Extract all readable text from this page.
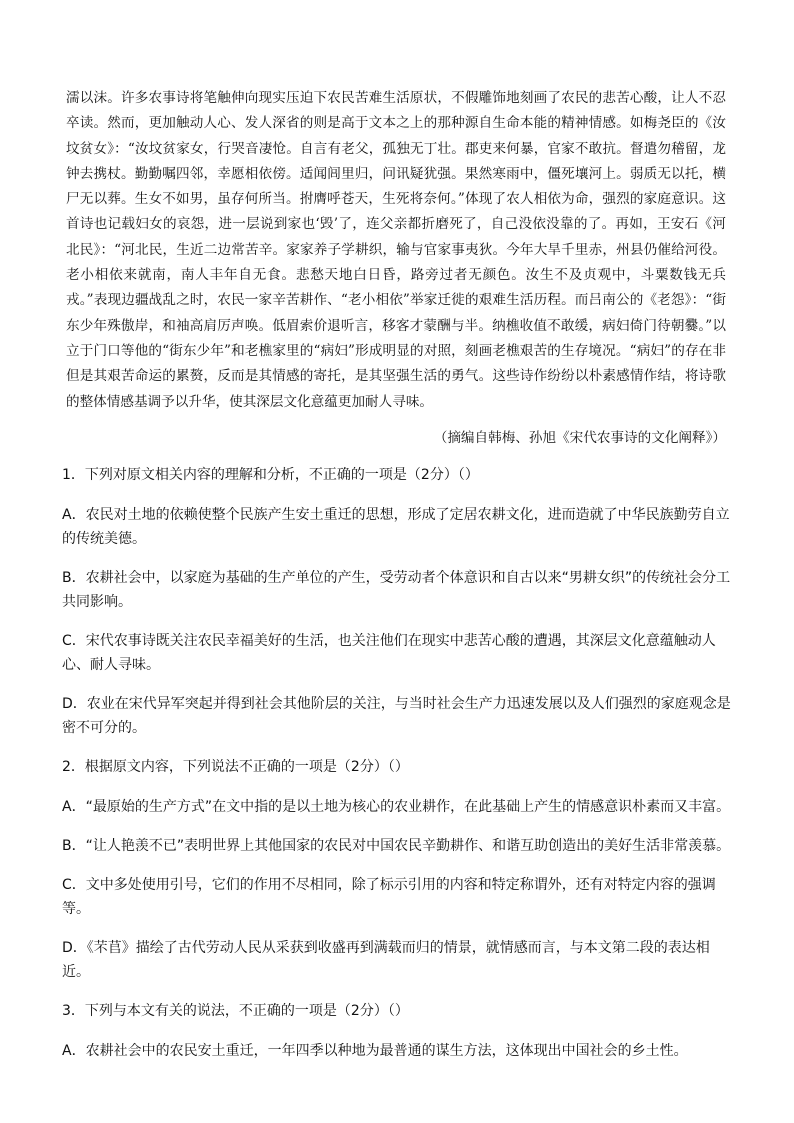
濡以沫。许多农事诗将笔触伸向现实压迫下农民苦难生活原状，不假雕饰地刻画了农民的悲苦心酸，让人不忍卒读。然而，更加触动人心、发人深省的则是高于文本之上的那种源自生命本能的精神情感。如梅尧臣的《汝坟贫女》：“汝坟贫家女，行哭音凄怆。自言有老父，孤独无丁壮。郡吏来何暴，官家不敢抗。督遣勿稽留，龙钟去携杖。勤勤嘱四邻，幸愿相依傍。适闻闾里归，问讯疑犹强。果然寒雨中，僵死壤河上。弱质无以托，横尸无以葬。生女不如男，虽存何所当。拊膺呼苍天，生死将奈何。”体现了农人相依为命，强烈的家庭意识。这首诗也记载妇女的哀怨，进一层说到家也‘毁’了，连父亲都折磨死了，自己没依没靠的了。再如，王安石《河北民》：“河北民，生近二边常苦辛。家家养子学耕织，输与官家事夷狄。今年大旱千里赤，州县仍催给河役。老小相依来就南，南人丰年自无食。悲愁天地白日昏，路旁过者无颜色。汝生不及贞观中，斗粟数钱无兵戎。”表现边疆战乱之时，农民一家辛苦耕作、“老小相依”举家迁徙的艰难生活历程。而吕南公的《老怨》：“街东少年殊傲岸，和袖高肩厉声唤。低眉索价退听言，移客才蒙酬与半。纳樵收值不敢缓，病妇倚门待朝爨。”以立于门口等他的“街东少年”和老樵家里的“病妇”形成明显的对照，刻画老樵艰苦的生存境况。“病妇”的存在非但是其艰苦命运的累赘，反而是其情感的寄托，是其坚强生活的勇气。这些诗作纷纷以朴素感情作结，将诗歌的整体情感基调予以升华，使其深层文化意蕴更加耐人寻味。

（摘编自韩梅、孙旭《宋代农事诗的文化阐释》）
1．下列对原文相关内容的理解和分析，不正确的一项是（2分）（）
A．农民对土地的依赖使整个民族产生安土重迁的思想，形成了定居农耕文化，进而造就了中华民族勤劳自立的传统美德。
B．农耕社会中，以家庭为基础的生产单位的产生，受劳动者个体意识和自古以来“男耕女织”的传统社会分工共同影响。
C．宋代农事诗既关注农民幸福美好的生活，也关注他们在现实中悲苦心酸的遭遇，其深层文化意蕴触动人心、耐人寻味。
D．农业在宋代异军突起并得到社会其他阶层的关注，与当时社会生产力迅速发展以及人们强烈的家庭观念是密不可分的。
2．根据原文内容，下列说法不正确的一项是（2分）（）
A．“最原始的生产方式”在文中指的是以土地为核心的农业耕作，在此基础上产生的情感意识朴素而又丰富。
B．“让人艳羡不已”表明世界上其他国家的农民对中国农民辛勤耕作、和谐互助创造出的美好生活非常羡慕。
C．文中多处使用引号，它们的作用不尽相同，除了标示引用的内容和特定称谓外，还有对特定内容的强调等。
D．《芣苢》描绘了古代劳动人民从采获到收盛再到满载而归的情景，就情感而言，与本文第二段的表达相近。
3．下列与本文有关的说法，不正确的一项是（2分）（）
A．农耕社会中的农民安土重迁，一年四季以种地为最普通的谋生方法，这体现出中国社会的乡土性。
